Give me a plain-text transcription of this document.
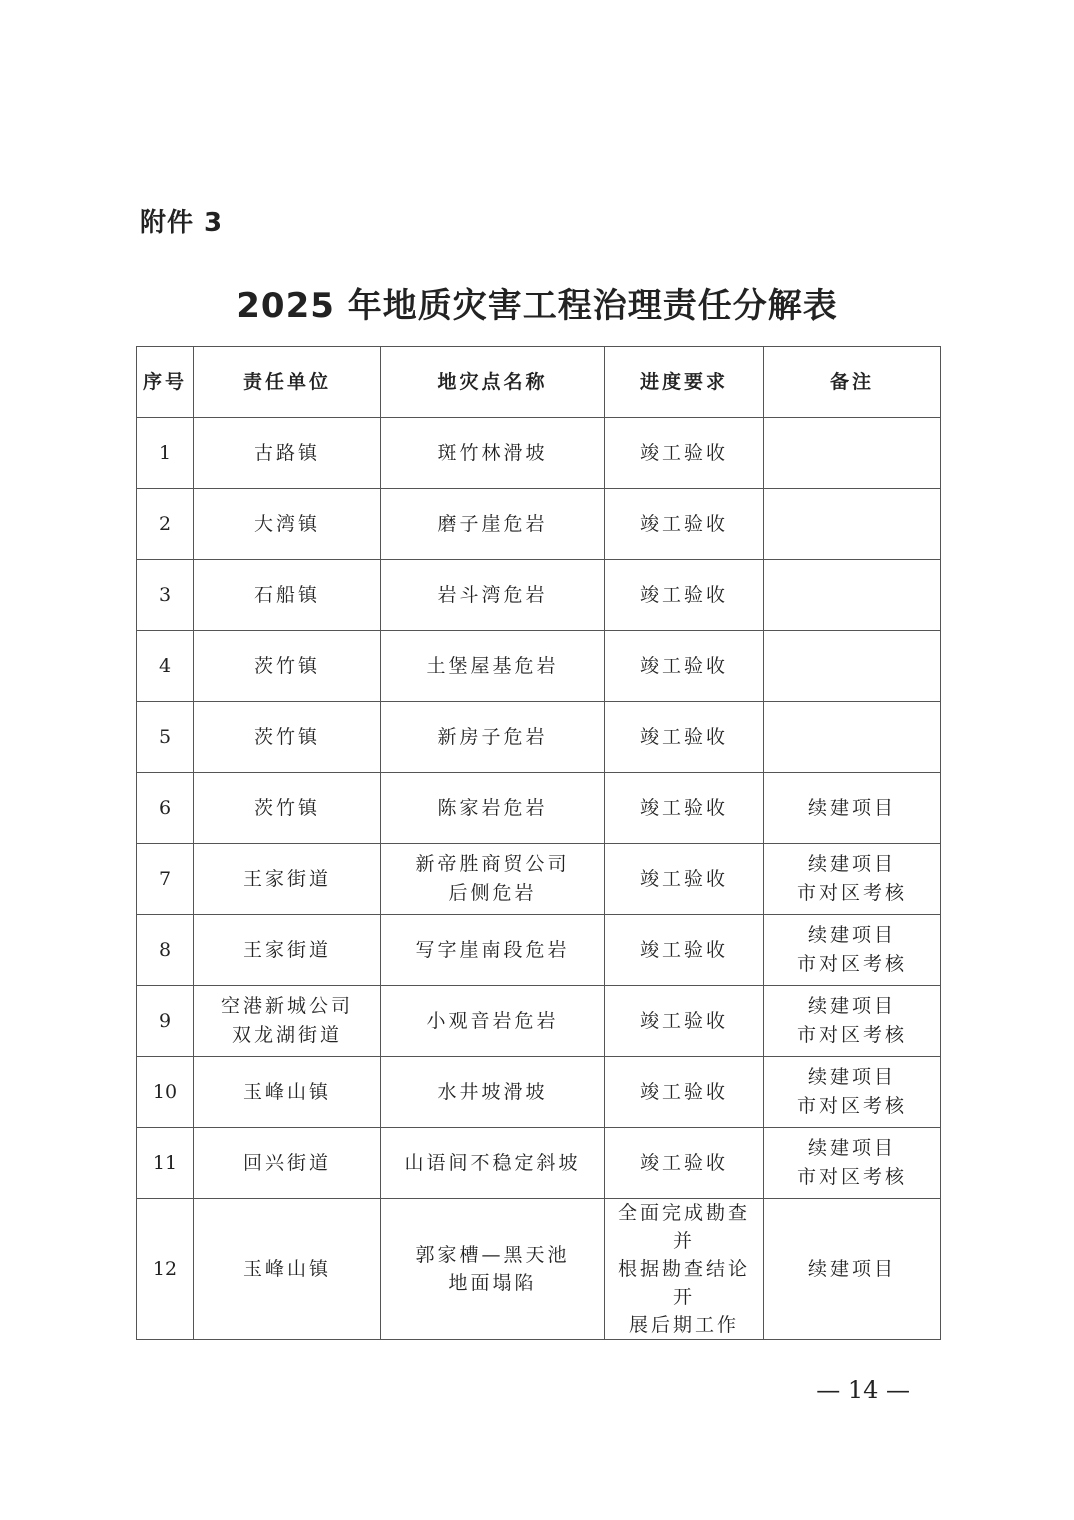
附件 3
2025 年地质灾害工程治理责任分解表
序号	责任单位	地灾点名称	进度要求	备注
1	古路镇	斑竹林滑坡	竣工验收	
2	大湾镇	磨子崖危岩	竣工验收	
3	石船镇	岩斗湾危岩	竣工验收	
4	茨竹镇	土堡屋基危岩	竣工验收	
5	茨竹镇	新房子危岩	竣工验收	
6	茨竹镇	陈家岩危岩	竣工验收	续建项目
7	王家街道	新帝胜商贸公司
后侧危岩	竣工验收	续建项目
市对区考核
8	王家街道	写字崖南段危岩	竣工验收	续建项目
市对区考核
9	空港新城公司
双龙湖街道	小观音岩危岩	竣工验收	续建项目
市对区考核
10	玉峰山镇	水井坡滑坡	竣工验收	续建项目
市对区考核
11	回兴街道	山语间不稳定斜坡	竣工验收	续建项目
市对区考核
12	玉峰山镇	郭家槽—黑天池
地面塌陷	全面完成勘查并
根据勘查结论开
展后期工作	续建项目
— 14 —
